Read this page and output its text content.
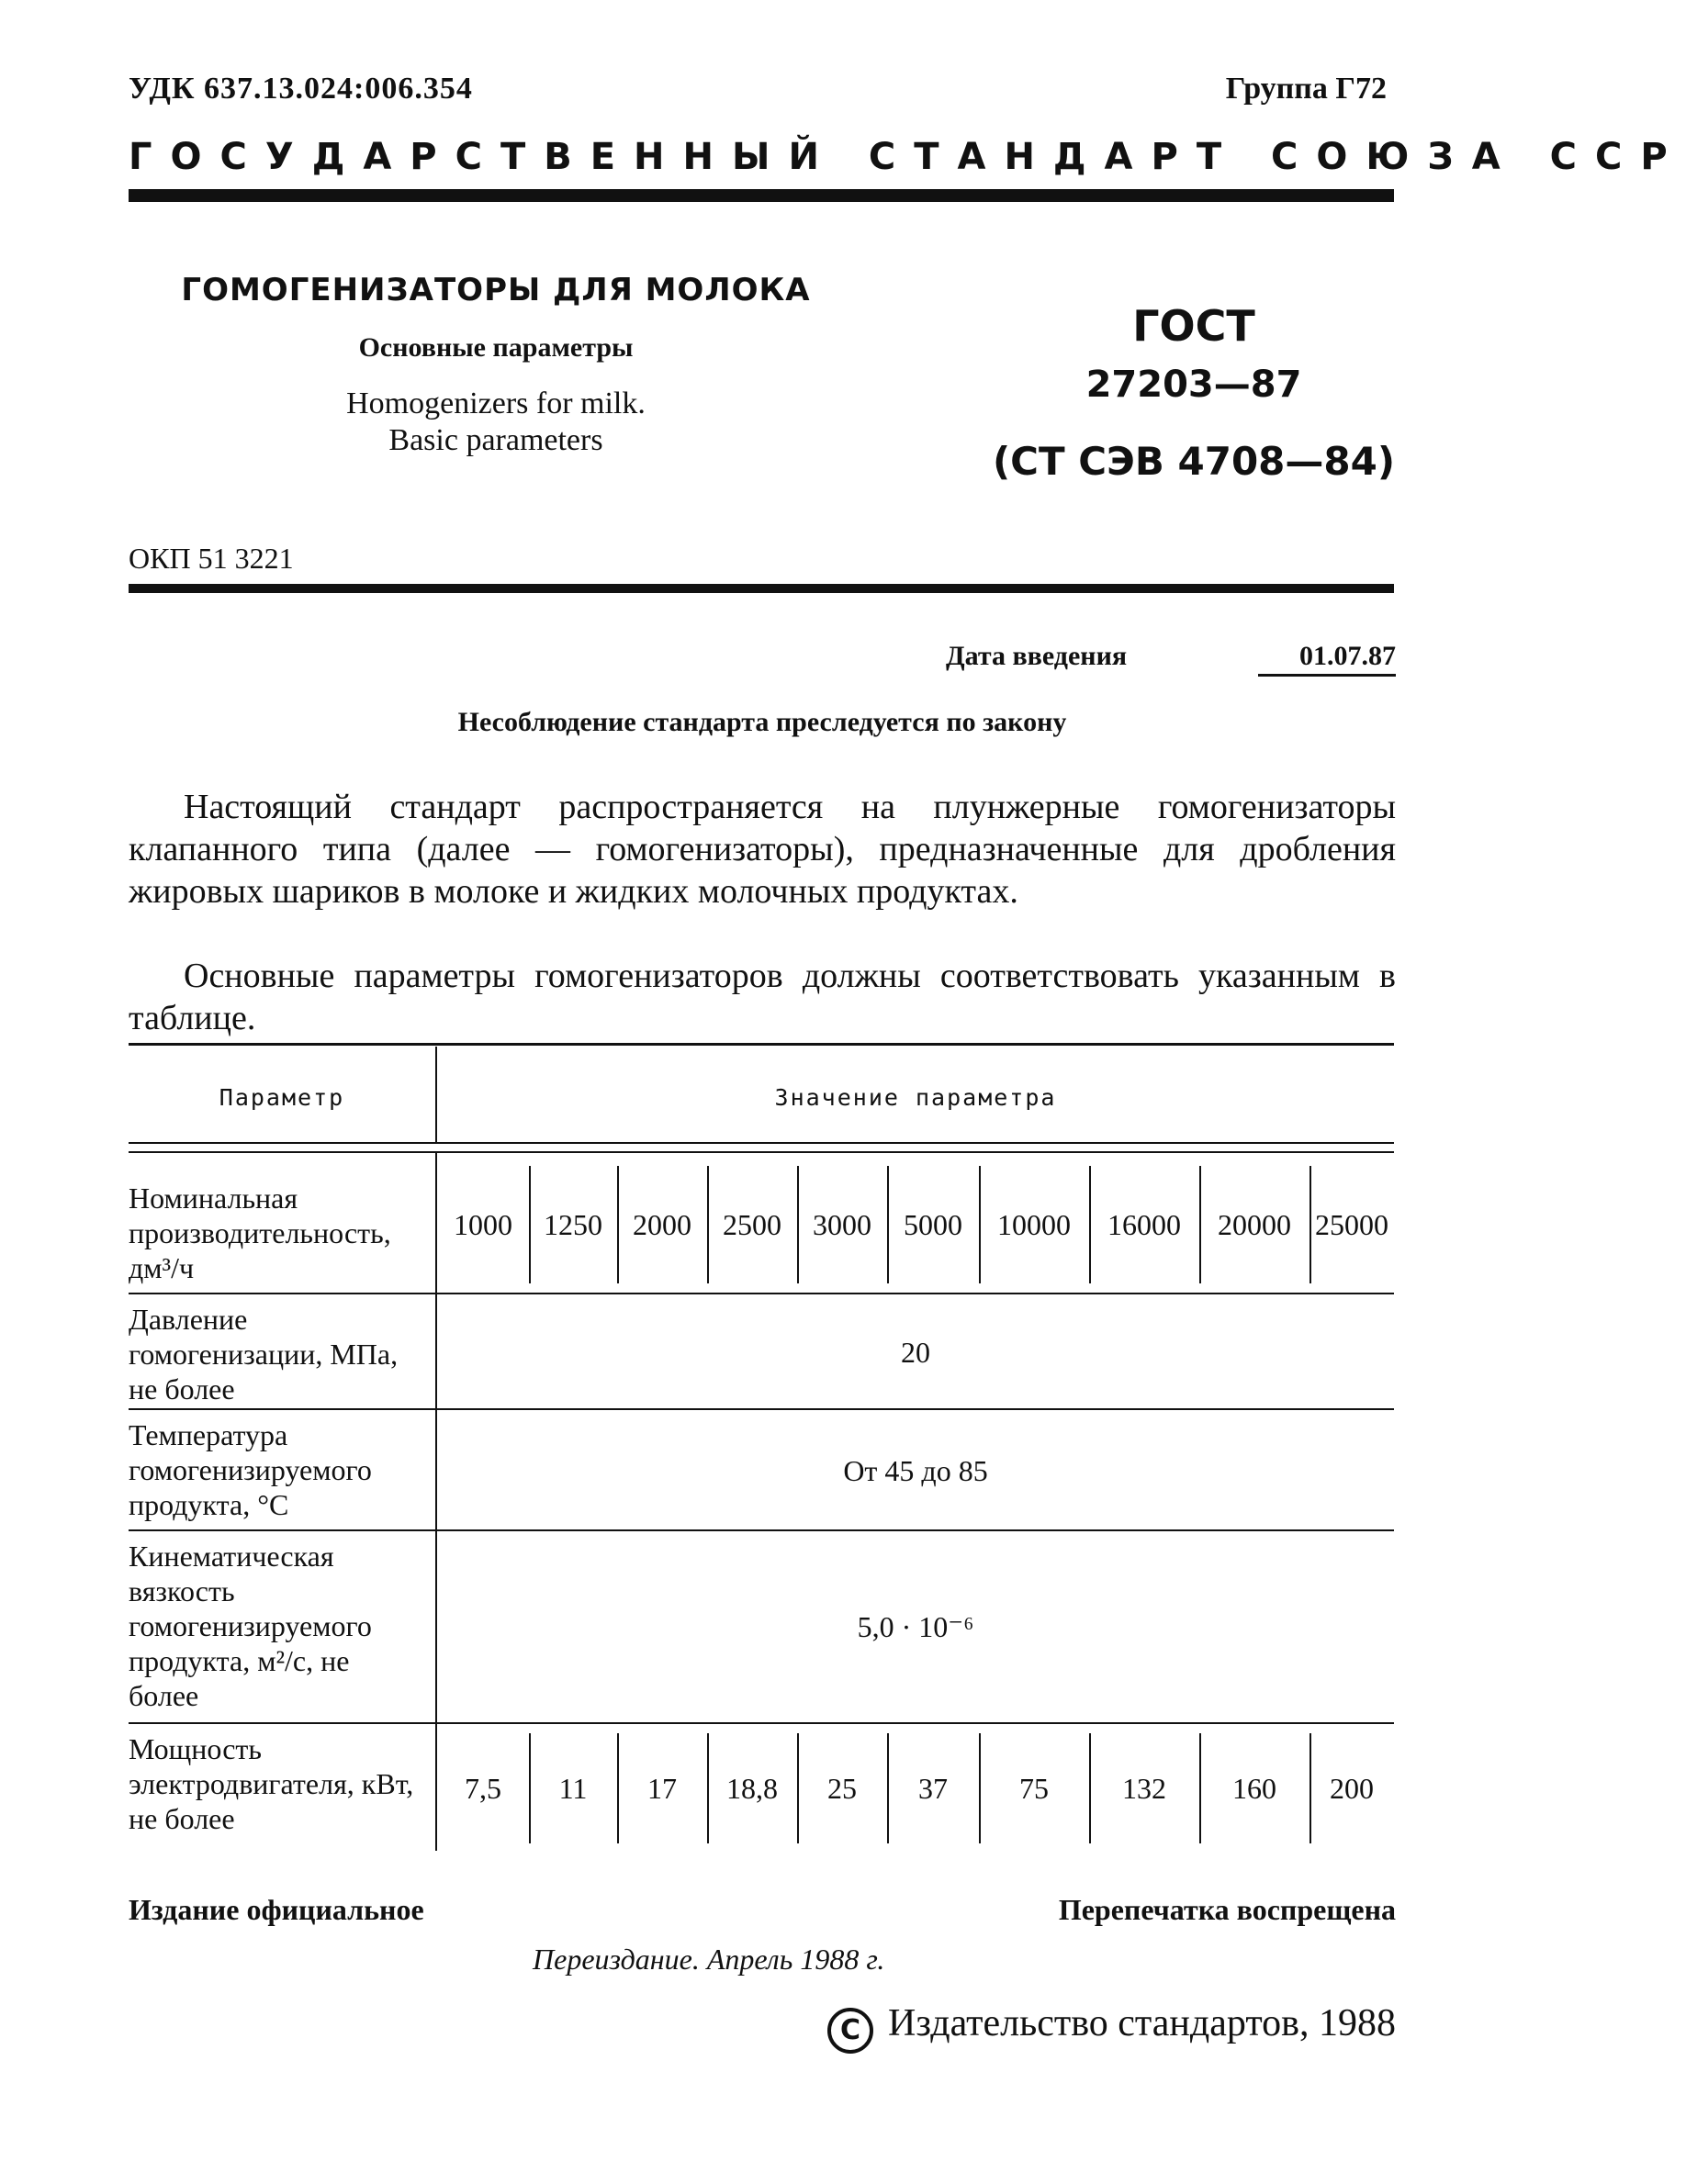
УДК 637.13.024:006.354	Группа Г72
ГОСУДАРСТВЕННЫЙ СТАНДАРТ СОЮЗА ССР
ГОМОГЕНИЗАТОРЫ ДЛЯ МОЛОКА
Основные параметры
Homogenizers for milk.
Basic parameters
ГОСТ
27203—87
(СТ СЭВ 4708—84)
ОКП 51 3221
Дата введения	01.07.87
Несоблюдение стандарта преследуется по закону
Настоящий стандарт распространяется на плунжерные гомогенизаторы клапанного типа (далее — гомогенизаторы), предназначенные для дробления жировых шариков в молоке и жидких молочных продуктах.
Основные параметры гомогенизаторов должны соответствовать указанным в таблице.
Параметр	Значение параметра
Номинальная производительность, дм³/ч
1000	1250	2000	2500	3000	5000	10000	16000	20000 25000
Давление гомогенизации, МПа, не более
20
Температура гомогенизируемого продукта, °С
От 45 до 85
Кинематическая вязкость гомогенизируемого продукта, м²/с, не более
5,0 · 10⁻⁶
Мощность электродвигателя, кВт, не более
7,5	11	17	18,8	25	37	75	132	160	200
Издание официальное	Перепечатка воспрещена
Переиздание. Апрель 1988 г.
C Издательство стандартов, 1988
